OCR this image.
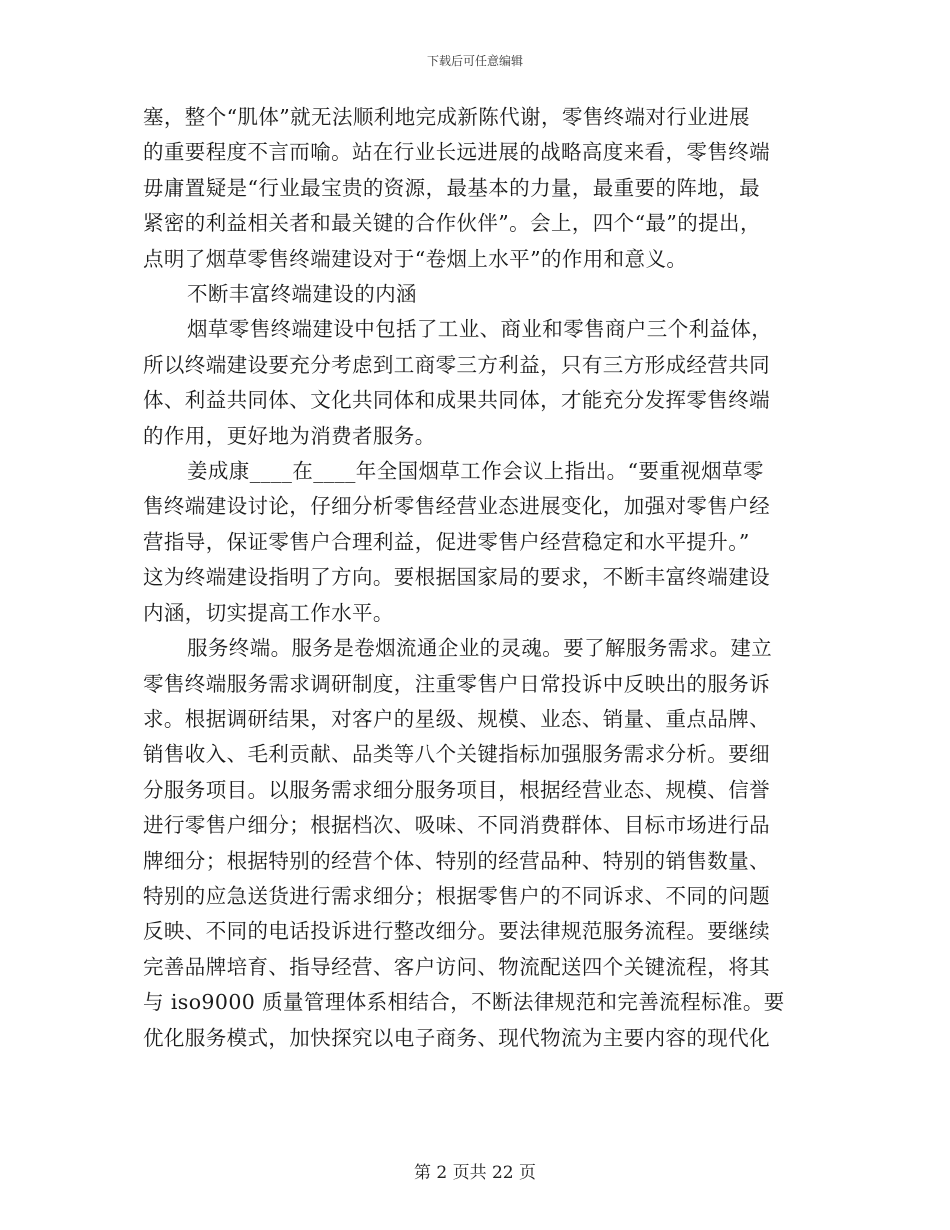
下载后可任意编辑
塞，整个“肌体”就无法顺利地完成新陈代谢，零售终端对行业进展
的重要程度不言而喻。站在行业长远进展的战略高度来看，零售终端
毋庸置疑是“行业最宝贵的资源，最基本的力量，最重要的阵地，最
紧密的利益相关者和最关键的合作伙伴”。会上，四个“最”的提出，
点明了烟草零售终端建设对于“卷烟上水平”的作用和意义。
不断丰富终端建设的内涵
烟草零售终端建设中包括了工业、商业和零售商户三个利益体，
所以终端建设要充分考虑到工商零三方利益，只有三方形成经营共同
体、利益共同体、文化共同体和成果共同体，才能充分发挥零售终端
的作用，更好地为消费者服务。
姜成康____在____年全国烟草工作会议上指出。“要重视烟草零
售终端建设讨论，仔细分析零售经营业态进展变化，加强对零售户经
营指导，保证零售户合理利益，促进零售户经营稳定和水平提升。”
这为终端建设指明了方向。要根据国家局的要求，不断丰富终端建设
内涵，切实提高工作水平。
服务终端。服务是卷烟流通企业的灵魂。要了解服务需求。建立
零售终端服务需求调研制度，注重零售户日常投诉中反映出的服务诉
求。根据调研结果，对客户的星级、规模、业态、销量、重点品牌、
销售收入、毛利贡献、品类等八个关键指标加强服务需求分析。要细
分服务项目。以服务需求细分服务项目，根据经营业态、规模、信誉
进行零售户细分；根据档次、吸味、不同消费群体、目标市场进行品
牌细分；根据特别的经营个体、特别的经营品种、特别的销售数量、
特别的应急送货进行需求细分；根据零售户的不同诉求、不同的问题
反映、不同的电话投诉进行整改细分。要法律规范服务流程。要继续
完善品牌培育、指导经营、客户访问、物流配送四个关键流程，将其
与 iso9000 质量管理体系相结合，不断法律规范和完善流程标准。要
优化服务模式，加快探究以电子商务、现代物流为主要内容的现代化
第 2 页共 22 页
